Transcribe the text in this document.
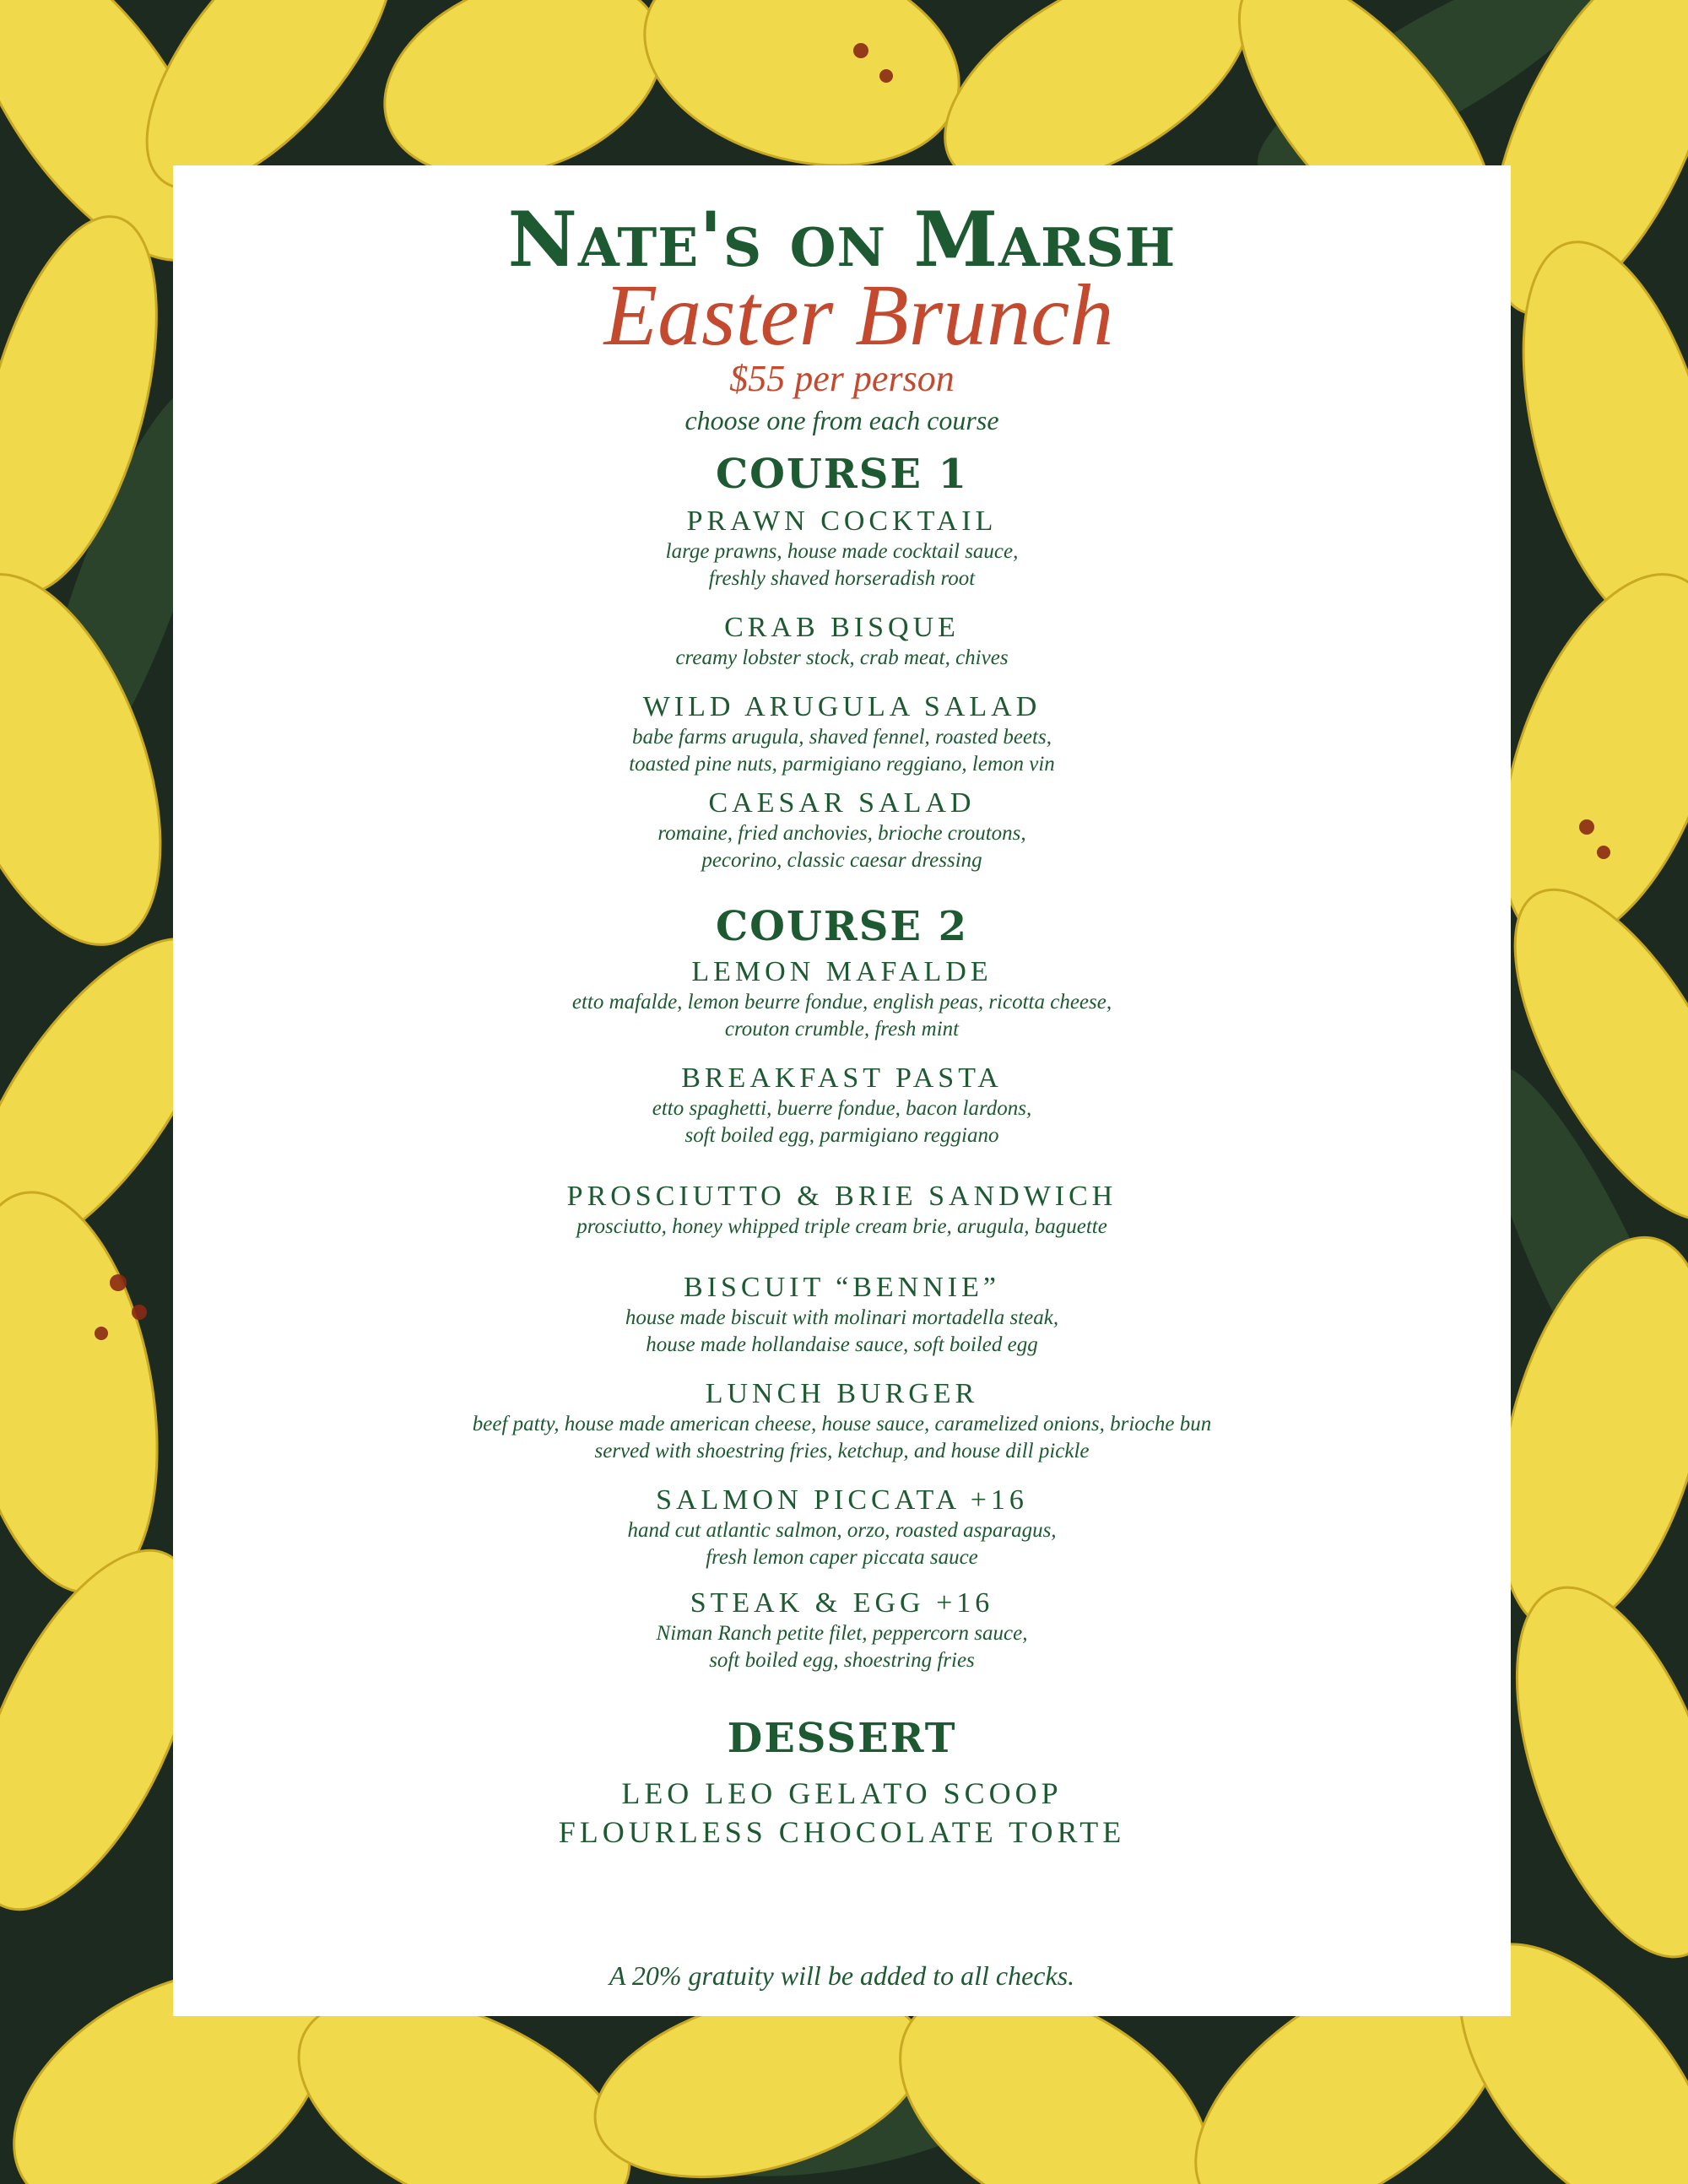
Nate's on Marsh
Easter Brunch
$55 per person
choose one from each course
COURSE 1
PRAWN COCKTAIL
large prawns, house made cocktail sauce,
freshly shaved horseradish root
CRAB BISQUE
creamy lobster stock, crab meat, chives
WILD ARUGULA SALAD
babe farms arugula, shaved fennel, roasted beets,
toasted pine nuts, parmigiano reggiano, lemon vin
CAESAR SALAD
romaine, fried anchovies, brioche croutons,
pecorino, classic caesar dressing
COURSE 2
LEMON MAFALDE
etto mafalde, lemon beurre fondue, english peas, ricotta cheese,
crouton crumble, fresh mint
BREAKFAST PASTA
etto spaghetti, buerre fondue, bacon lardons,
soft boiled egg, parmigiano reggiano
PROSCIUTTO & BRIE SANDWICH
prosciutto, honey whipped triple cream brie, arugula, baguette
BISCUIT “BENNIE”
house made biscuit with molinari mortadella steak,
house made hollandaise sauce, soft boiled egg
LUNCH BURGER
beef patty, house made american cheese, house sauce, caramelized onions, brioche bun
served with shoestring fries, ketchup, and house dill pickle
SALMON PICCATA +16
hand cut atlantic salmon, orzo, roasted asparagus,
fresh lemon caper piccata sauce
STEAK & EGG +16
Niman Ranch petite filet, peppercorn sauce,
soft boiled egg, shoestring fries
DESSERT
LEO LEO GELATO SCOOP
FLOURLESS CHOCOLATE TORTE
A 20% gratuity will be added to all checks.
